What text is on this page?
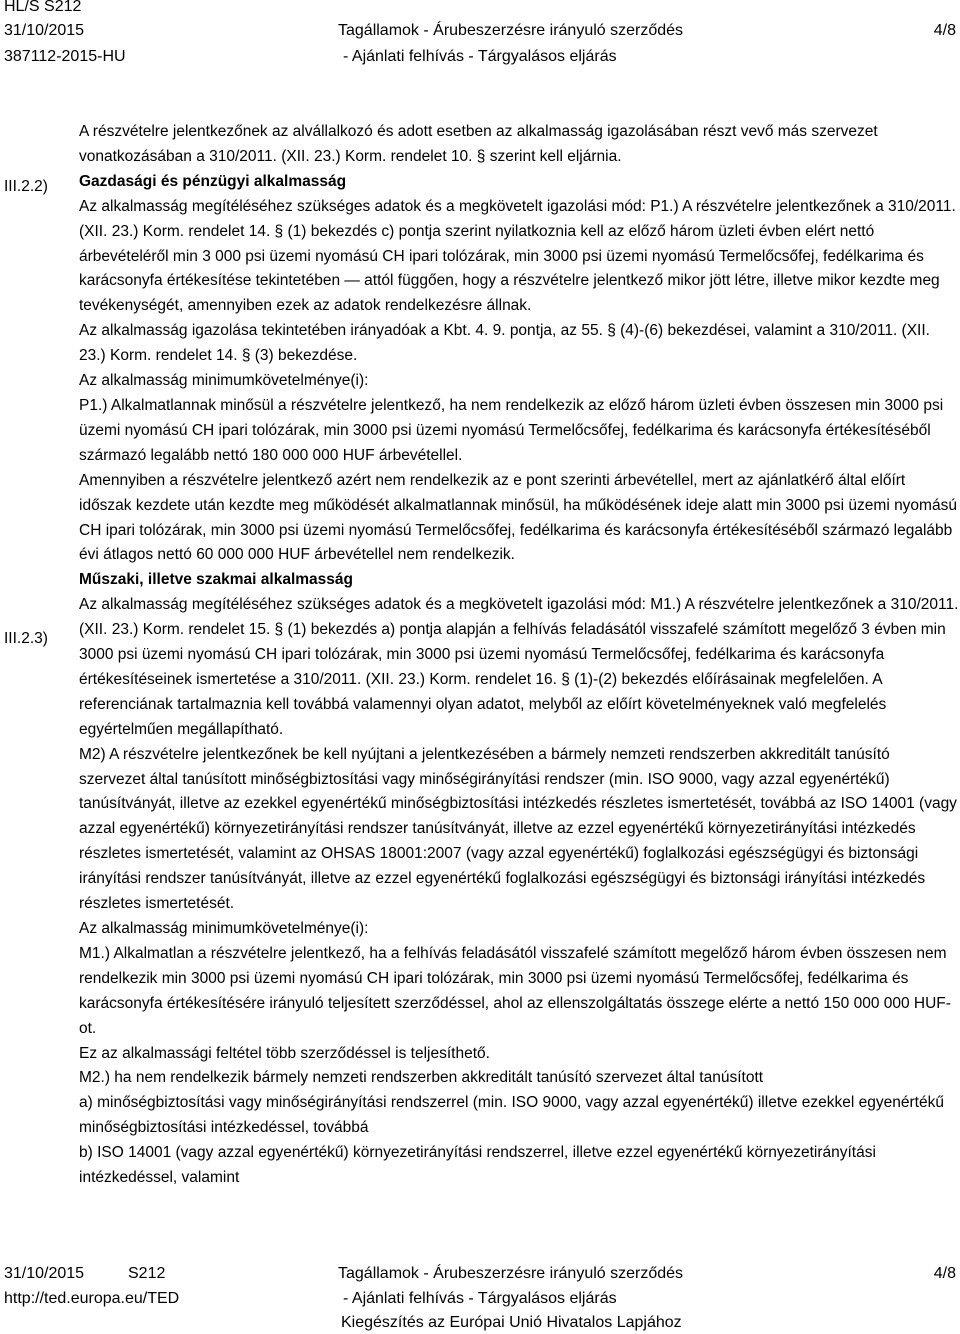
HL/S S212
31/10/2015
387112-2015-HU
Tagállamok - Árubeszerzésre irányuló szerződés
- Ajánlati felhívás - Tárgyalásos eljárás
4/8
III.2.2)
III.2.3)

A részvételre jelentkezőnek az alvállalkozó és adott esetben az alkalmasság igazolásában részt vevő más szervezet vonatkozásában a 310/2011. (XII. 23.) Korm. rendelet 10. § szerint kell eljárnia.

Gazdasági és pénzügyi alkalmasság

Az alkalmasság megítéléséhez szükséges adatok és a megkövetelt igazolási mód: P1.) A részvételre jelentkezőnek a 310/2011. (XII. 23.) Korm. rendelet 14. § (1) bekezdés c) pontja szerint nyilatkoznia kell az előző három üzleti évben elért nettó árbevételéről min 3 000 psi üzemi nyomású CH ipari tolózárak, min 3000 psi üzemi nyomású Termelőcsőfej, fedélkarima és karácsonyfa értékesítése tekintetében — attól függően, hogy a részvételre jelentkező mikor jött létre, illetve mikor kezdte meg tevékenységét, amennyiben ezek az adatok rendelkezésre állnak.

Az alkalmasság igazolása tekintetében irányadóak a Kbt. 4. 9. pontja, az 55. § (4)-(6) bekezdései, valamint a 310/2011. (XII. 23.) Korm. rendelet 14. § (3) bekezdése.

Az alkalmasság minimumkövetelménye(i):

P1.) Alkalmatlannak minősül a részvételre jelentkező, ha nem rendelkezik az előző három üzleti évben összesen min 3000 psi üzemi nyomású CH ipari tolózárak, min 3000 psi üzemi nyomású Termelőcsőfej, fedélkarima és karácsonyfa értékesítéséből származó legalább nettó 180 000 000 HUF árbevétellel.

Amennyiben a részvételre jelentkező azért nem rendelkezik az e pont szerinti árbevétellel, mert az ajánlatkérő által előírt időszak kezdete után kezdte meg működését alkalmatlannak minősül, ha működésének ideje alatt min 3000 psi üzemi nyomású CH ipari tolózárak, min 3000 psi üzemi nyomású Termelőcsőfej, fedélkarima és karácsonyfa értékesítéséből származó legalább évi átlagos nettó 60 000 000 HUF árbevétellel nem rendelkezik.

Műszaki, illetve szakmai alkalmasság

Az alkalmasság megítéléséhez szükséges adatok és a megkövetelt igazolási mód: M1.) A részvételre jelentkezőnek a 310/2011. (XII. 23.) Korm. rendelet 15. § (1) bekezdés a) pontja alapján a felhívás feladásától visszafelé számított megelőző 3 évben min 3000 psi üzemi nyomású CH ipari tolózárak, min 3000 psi üzemi nyomású Termelőcsőfej, fedélkarima és karácsonyfa értékesítéseinek ismertetése a 310/2011. (XII. 23.) Korm. rendelet 16. § (1)-(2) bekezdés előírásainak megfelelően. A referenciának tartalmaznia kell továbbá valamennyi olyan adatot, melyből az előírt követelményeknek való megfelelés egyértelműen megállapítható.

M2) A részvételre jelentkezőnek be kell nyújtani a jelentkezésében a bármely nemzeti rendszerben akkreditált tanúsító szervezet által tanúsított minőségbiztosítási vagy minőségirányítási rendszer (min. ISO 9000, vagy azzal egyenértékű) tanúsítványát, illetve az ezekkel egyenértékű minőségbiztosítási intézkedés részletes ismertetését, továbbá az ISO 14001 (vagy azzal egyenértékű) környezetirányítási rendszer tanúsítványát, illetve az ezzel egyenértékű környezetirányítási intézkedés részletes ismertetését, valamint az OHSAS 18001:2007 (vagy azzal egyenértékű) foglalkozási egészségügyi és biztonsági irányítási rendszer tanúsítványát, illetve az ezzel egyenértékű foglalkozási egészségügyi és biztonsági irányítási intézkedés részletes ismertetését.

Az alkalmasság minimumkövetelménye(i):

M1.) Alkalmatlan a részvételre jelentkező, ha a felhívás feladásától visszafelé számított megelőző három évben összesen nem rendelkezik min 3000 psi üzemi nyomású CH ipari tolózárak, min 3000 psi üzemi nyomású Termelőcsőfej, fedélkarima és karácsonyfa értékesítésére irányuló teljesített szerződéssel, ahol az ellenszolgáltatás összege elérte a nettó 150 000 000 HUF-ot.

Ez az alkalmassági feltétel több szerződéssel is teljesíthető.

M2.) ha nem rendelkezik bármely nemzeti rendszerben akkreditált tanúsító szervezet által tanúsított

a) minőségbiztosítási vagy minőségirányítási rendszerrel (min. ISO 9000, vagy azzal egyenértékű) illetve ezekkel egyenértékű minőségbiztosítási intézkedéssel, továbbá

b) ISO 14001 (vagy azzal egyenértékű) környezetirányítási rendszerrel, illetve ezzel egyenértékű környezetirányítási intézkedéssel, valamint

31/10/2015	S212
http://ted.europa.eu/TED
Tagállamok - Árubeszerzésre irányuló szerződés
- Ajánlati felhívás - Tárgyalásos eljárás
Kiegészítés az Európai Unió Hivatalos Lapjához
4/8
